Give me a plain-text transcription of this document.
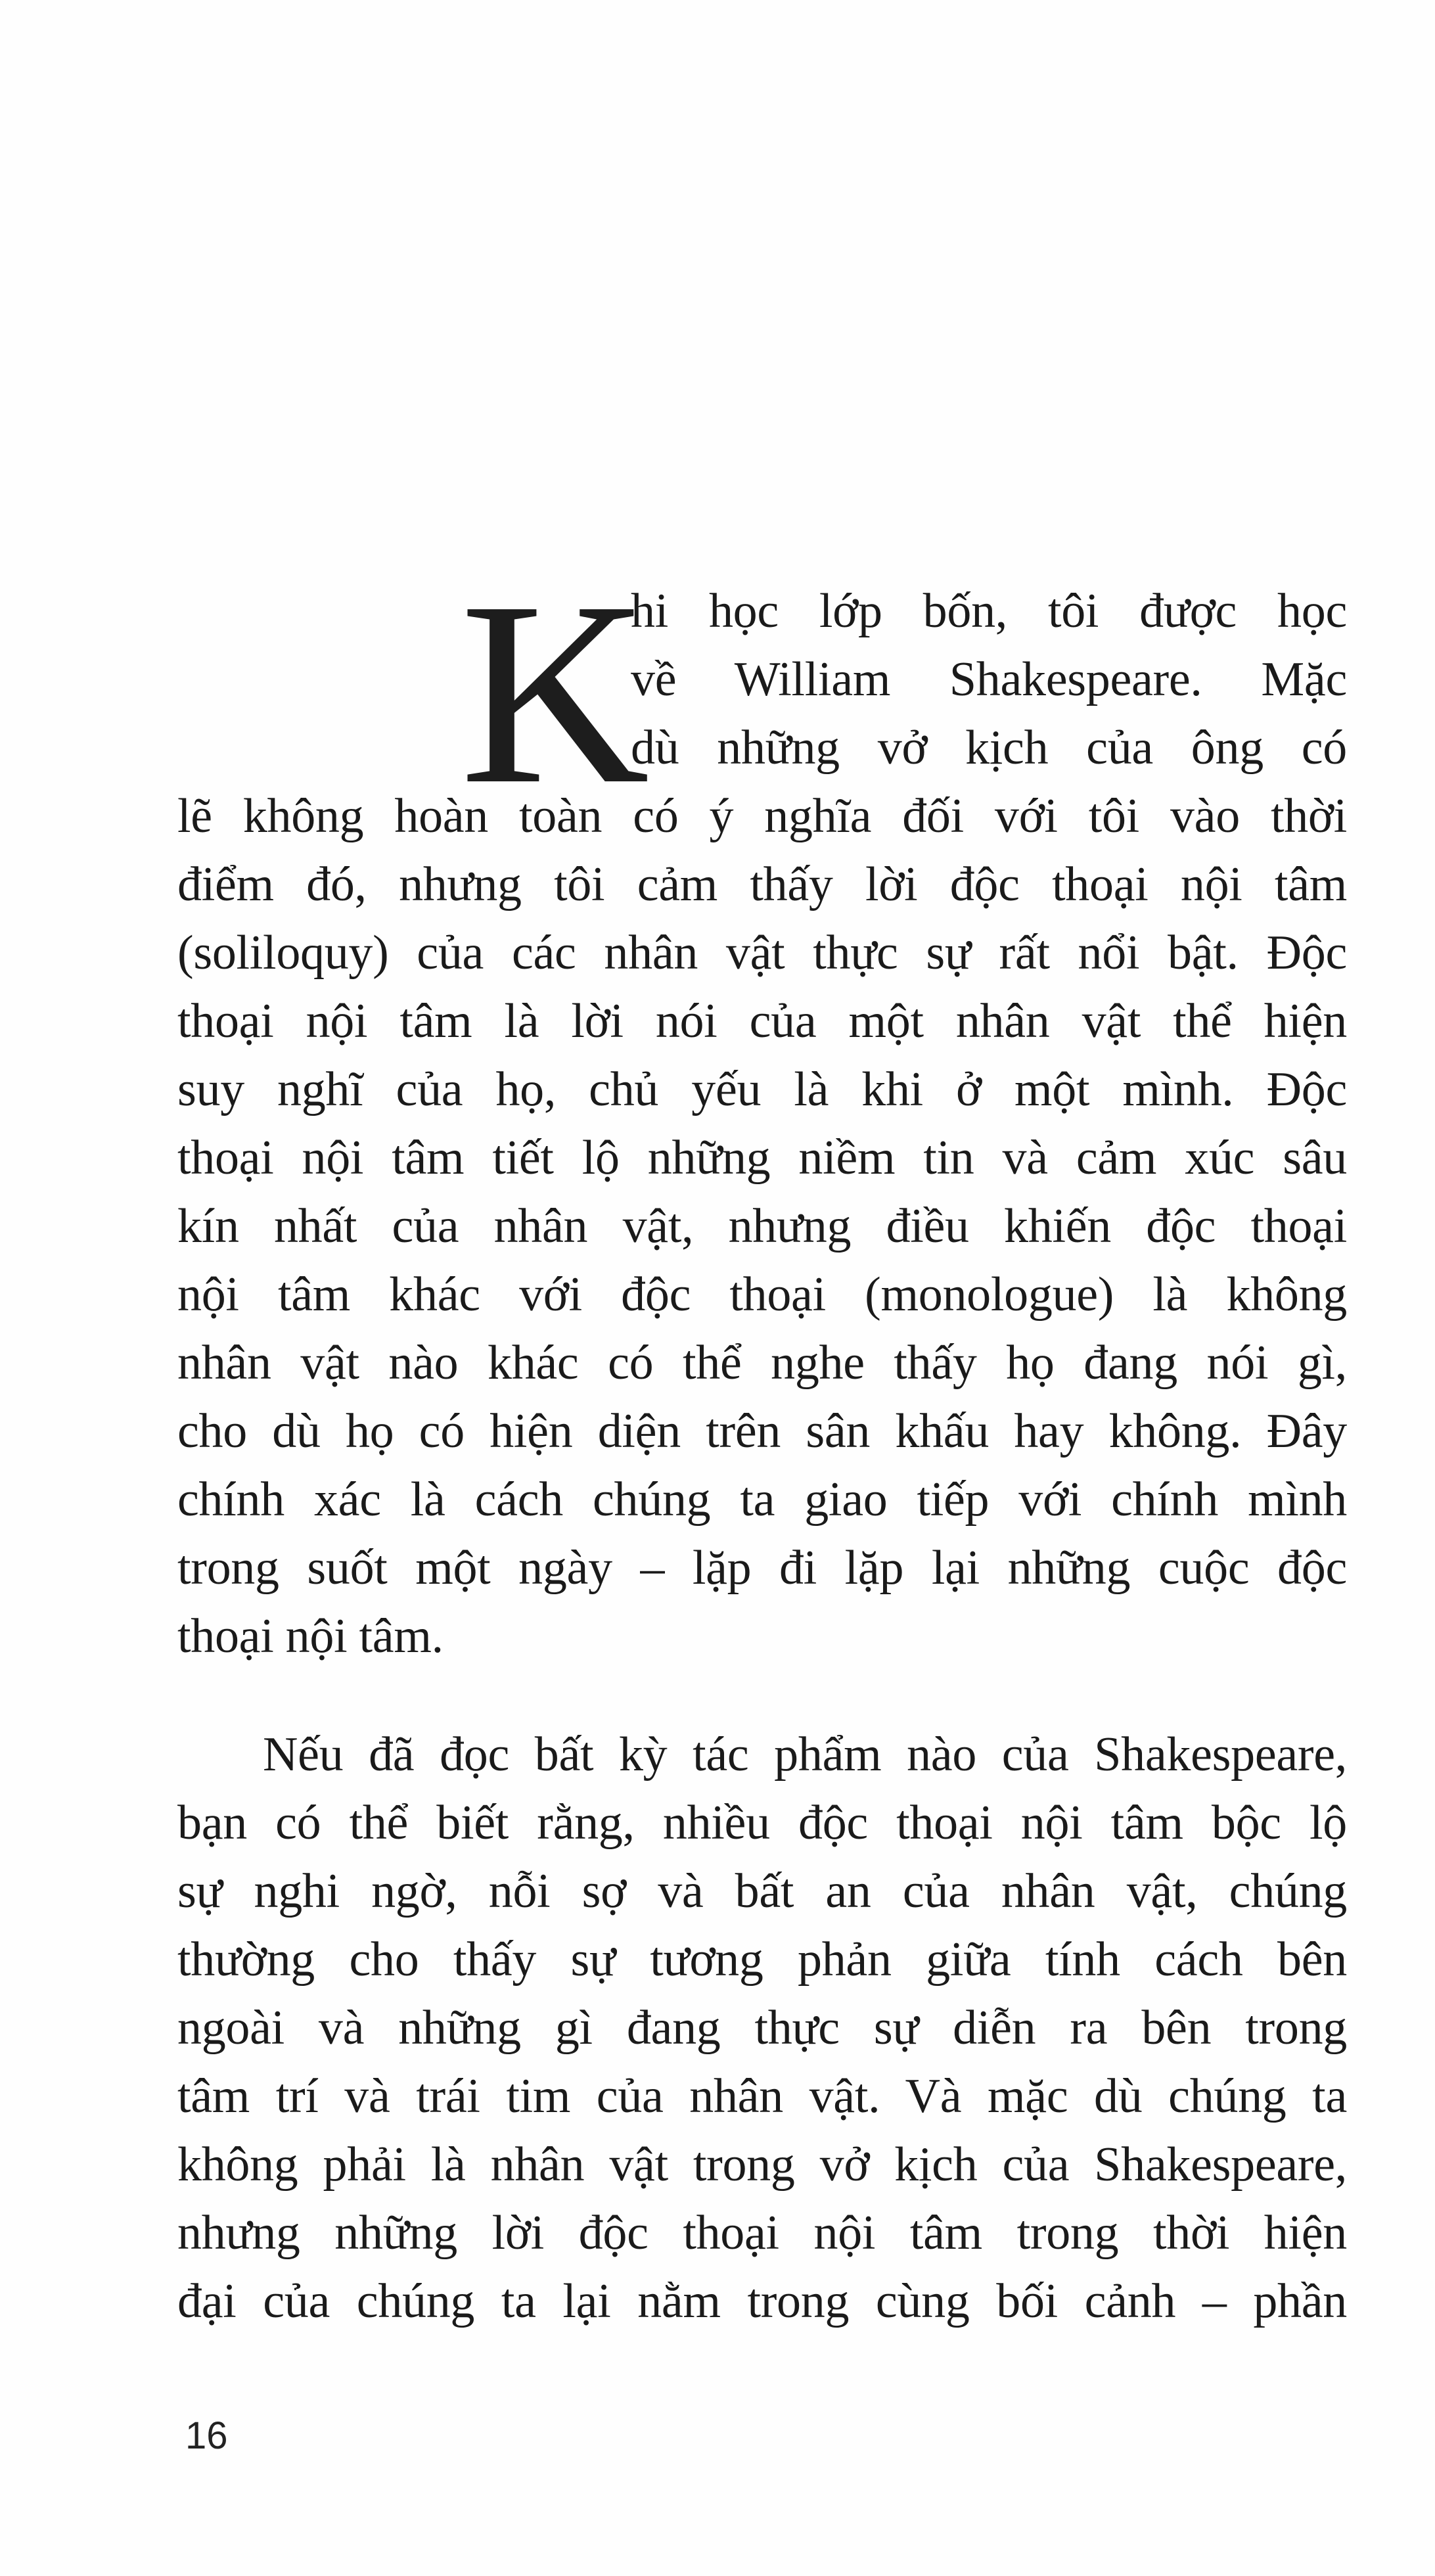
K
hi học lớp bốn, tôi được học
về William Shakespeare. Mặc
dù những vở kịch của ông có
lẽ không hoàn toàn có ý nghĩa đối với tôi vào thời
điểm đó, nhưng tôi cảm thấy lời độc thoại nội tâm
(soliloquy) của các nhân vật thực sự rất nổi bật. Độc
thoại nội tâm là lời nói của một nhân vật thể hiện
suy nghĩ của họ, chủ yếu là khi ở một mình. Độc
thoại nội tâm tiết lộ những niềm tin và cảm xúc sâu
kín nhất của nhân vật, nhưng điều khiến độc thoại
nội tâm khác với độc thoại (monologue) là không
nhân vật nào khác có thể nghe thấy họ đang nói gì,
cho dù họ có hiện diện trên sân khấu hay không. Đây
chính xác là cách chúng ta giao tiếp với chính mình
trong suốt một ngày – lặp đi lặp lại những cuộc độc
thoại nội tâm.
Nếu đã đọc bất kỳ tác phẩm nào của Shakespeare,
bạn có thể biết rằng, nhiều độc thoại nội tâm bộc lộ
sự nghi ngờ, nỗi sợ và bất an của nhân vật, chúng
thường cho thấy sự tương phản giữa tính cách bên
ngoài và những gì đang thực sự diễn ra bên trong
tâm trí và trái tim của nhân vật. Và mặc dù chúng ta
không phải là nhân vật trong vở kịch của Shakespeare,
nhưng những lời độc thoại nội tâm trong thời hiện
đại của chúng ta lại nằm trong cùng bối cảnh – phần
16
